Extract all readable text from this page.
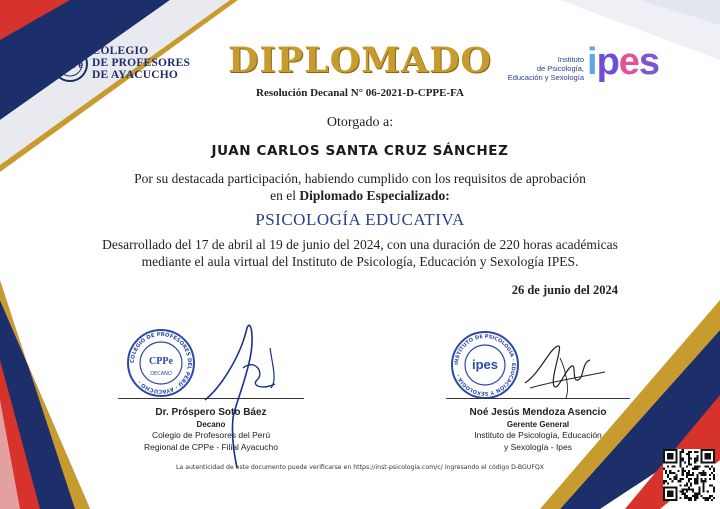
CPPe
COLEGIO
DE PROFESORES
DE AYACUCHO	DIPLOMADO
Resolución Decanal N° 06-2021-D-CPPE-FA
Instituto
de Psicología,
Educación y Sexología ipes
Otorgado a:
JUAN CARLOS SANTA CRUZ SÁNCHEZ
Por su destacada participación, habiendo cumplido con los requisitos de aprobación
en el Diplomado Especializado:
PSICOLOGÍA EDUCATIVA
Desarrollado del 17 de abril al 19 de junio del 2024, con una duración de 220 horas académicas
mediante el aula virtual del Instituto de Psicología, Educación y Sexología IPES.
26 de junio del 2024
COLEGIO DE PROFESORES DEL PERÚ · AYACUCHO ·
CPPe
DECANO
Dr. Próspero Soto Báez
Decano
Colegio de Profesores del Perú
Regional de CPPe - Filial Ayacucho
INSTITUTO DE PSICOLOGÍA · EDUCACIÓN Y SEXOLOGÍA ·
ipes
Noé Jesús Mendoza Asencio
Gerente General
Instituto de Psicología, Educación
y Sexología - Ipes
La autenticidad de este documento puede verificarse en https://inst-psicologia.com/c/ ingresando el código D-BGUFQX
